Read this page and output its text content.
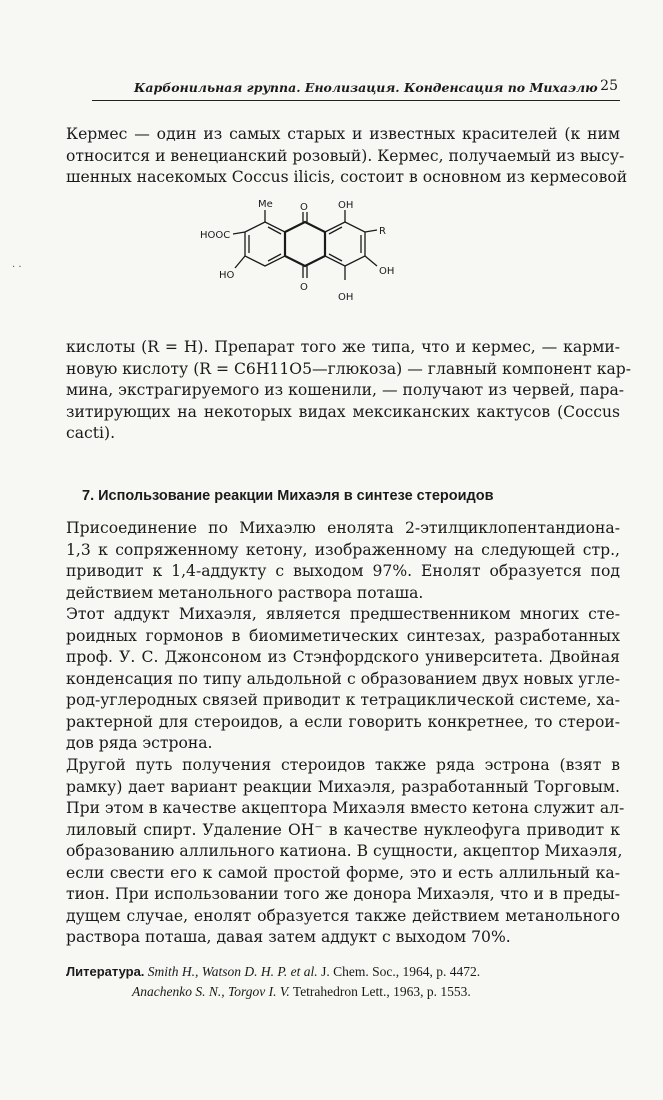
Карбонильная группа. Енолизация. Конденсация по Михаэлю 25
Кермес — один из самых старых и известных красителей (к ним
относится и венецианский розовый). Кермес, получаемый из высу-
шенных насекомых Coccus ilicis, состоит в основном из кермесовой
Me
HOOC
HO
O
O
OH
R
OH
OH
· ·
кислоты (R = H). Препарат того же типа, что и кермес, — карми-
новую кислоту (R = C6H11O5—глюкоза) — главный компонент кар-
мина, экстрагируемого из кошенили, — получают из червей, пара-
зитирующих на некоторых видах мексиканских кактусов (Coccus
cacti).
7. Использование реакции Михаэля в синтезе стероидов
Присоединение по Михаэлю енолята 2-этилциклопентандиона-
1,3 к сопряженному кетону, изображенному на следующей стр.,
приводит к 1,4-аддукту с выходом 97%. Енолят образуется под
действием метанольного раствора поташа.
Этот аддукт Михаэля, является предшественником многих сте-
роидных гормонов в биомиметических синтезах, разработанных
проф. У. С. Джонсоном из Стэнфордского университета. Двойная
конденсация по типу альдольной с образованием двух новых угле-
род-углеродных связей приводит к тетрациклической системе, ха-
рактерной для стероидов, а если говорить конкретнее, то стерои-
дов ряда эстрона.
Другой путь получения стероидов также ряда эстрона (взят в
рамку) дает вариант реакции Михаэля, разработанный Торговым.
При этом в качестве акцептора Михаэля вместо кетона служит ал-
лиловый спирт. Удаление OH⁻ в качестве нуклеофуга приводит к
образованию аллильного катиона. В сущности, акцептор Михаэля,
если свести его к самой простой форме, это и есть аллильный ка-
тион. При использовании того же донора Михаэля, что и в преды-
дущем случае, енолят образуется также действием метанольного
раствора поташа, давая затем аддукт с выходом 70%.
Литература. Smith H., Watson D. H. P. et al. J. Chem. Soc., 1964, p. 4472.
Anachenko S. N., Torgov I. V. Tetrahedron Lett., 1963, p. 1553.
